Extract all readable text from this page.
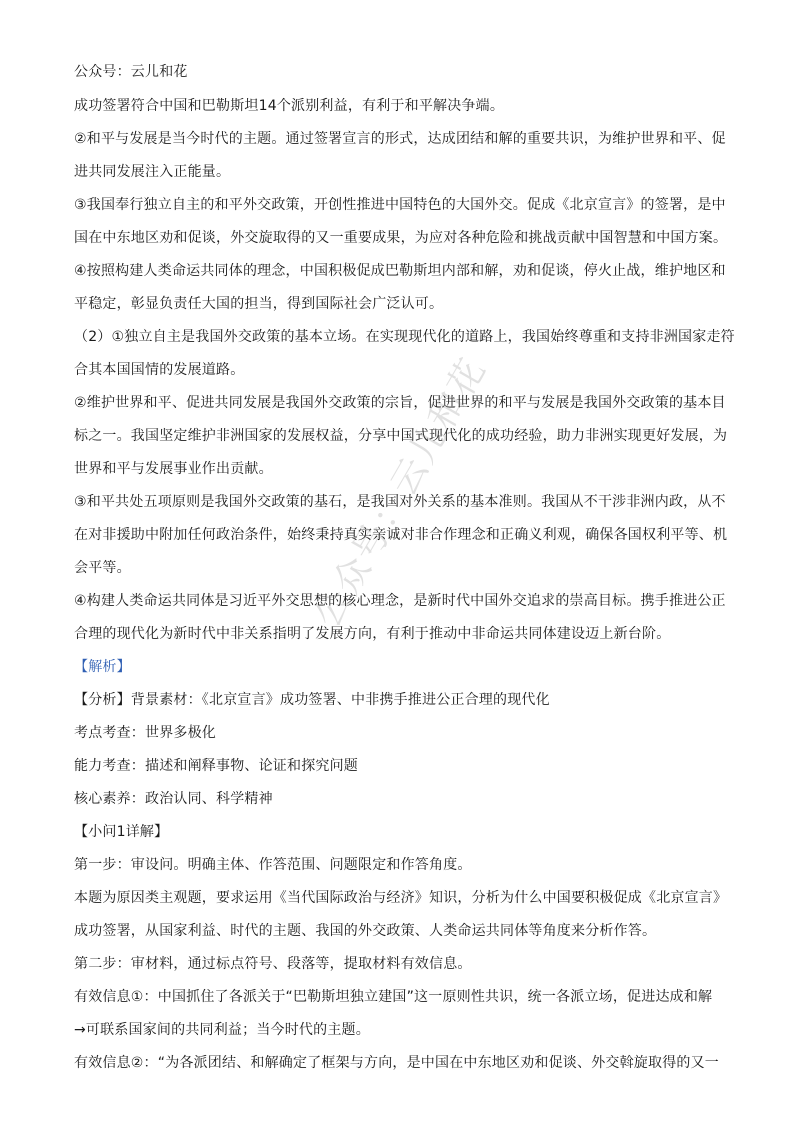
公众号：云儿和花
成功签署符合中国和巴勒斯坦14个派别利益，有利于和平解决争端。
②和平与发展是当今时代的主题。通过签署宣言的形式，达成团结和解的重要共识，为维护世界和平、促
进共同发展注入正能量。
③我国奉行独立自主的和平外交政策，开创性推进中国特色的大国外交。促成《北京宣言》的签署，是中
国在中东地区劝和促谈，外交旋取得的又一重要成果，为应对各种危险和挑战贡献中国智慧和中国方案。
④按照构建人类命运共同体的理念，中国积极促成巴勒斯坦内部和解，劝和促谈，停火止战，维护地区和
平稳定，彰显负责任大国的担当，得到国际社会广泛认可。
（2）①独立自主是我国外交政策的基本立场。在实现现代化的道路上，我国始终尊重和支持非洲国家走符
合其本国国情的发展道路。
②维护世界和平、促进共同发展是我国外交政策的宗旨，促进世界的和平与发展是我国外交政策的基本目
标之一。我国坚定维护非洲国家的发展权益，分享中国式现代化的成功经验，助力非洲实现更好发展，为
世界和平与发展事业作出贡献。
③和平共处五项原则是我国外交政策的基石，是我国对外关系的基本准则。我国从不干涉非洲内政，从不
在对非援助中附加任何政治条件，始终秉持真实亲诚对非合作理念和正确义利观，确保各国权利平等、机
会平等。
④构建人类命运共同体是习近平外交思想的核心理念，是新时代中国外交追求的崇高目标。携手推进公正
合理的现代化为新时代中非关系指明了发展方向，有利于推动中非命运共同体建设迈上新台阶。
【解析】
【分析】背景素材：《北京宣言》成功签署、中非携手推进公正合理的现代化
考点考查：世界多极化
能力考查：描述和阐释事物、论证和探究问题
核心素养：政治认同、科学精神
【小问1详解】
第一步：审设问。明确主体、作答范围、问题限定和作答角度。
本题为原因类主观题，要求运用《当代国际政治与经济》知识，分析为什么中国要积极促成《北京宣言》
成功签署，从国家利益、时代的主题、我国的外交政策、人类命运共同体等角度来分析作答。
第二步：审材料，通过标点符号、段落等，提取材料有效信息。
有效信息①：中国抓住了各派关于“巴勒斯坦独立建国”这一原则性共识，统一各派立场，促进达成和解
→可联系国家间的共同利益；当今时代的主题。
有效信息②：“为各派团结、和解确定了框架与方向，是中国在中东地区劝和促谈、外交斡旋取得的又一
公众号：云儿和花
